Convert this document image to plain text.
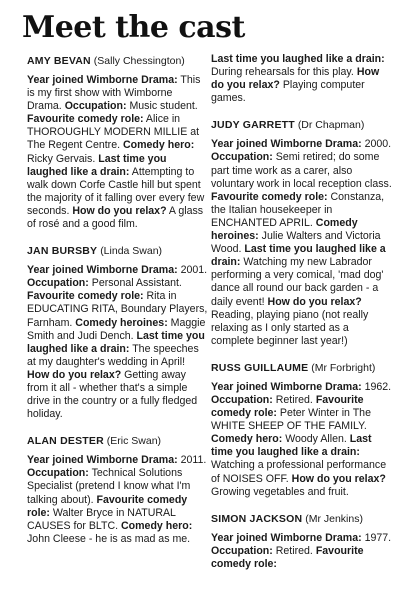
Meet the cast
AMY BEVAN (Sally Chessington)

Year joined Wimborne Drama: This is my first show with Wimborne Drama. Occupation: Music student. Favourite comedy role: Alice in THOROUGHLY MODERN MILLIE at The Regent Centre. Comedy hero: Ricky Gervais. Last time you laughed like a drain: Attempting to walk down Corfe Castle hill but spent the majority of it falling over every few seconds. How do you relax? A glass of rosé and a good film.

JAN BURSBY (Linda Swan)

Year joined Wimborne Drama: 2001. Occupation: Personal Assistant. Favourite comedy role: Rita in EDUCATING RITA, Boundary Players, Farnham. Comedy heroines: Maggie Smith and Judi Dench. Last time you laughed like a drain: The speeches at my daughter's wedding in April! How do you relax? Getting away from it all - whether that's a simple drive in the country or a fully fledged holiday.

ALAN DESTER (Eric Swan)

Year joined Wimborne Drama: 2011. Occupation: Technical Solutions Specialist (pretend I know what I'm talking about). Favourite comedy role: Walter Bryce in NATURAL CAUSES for BLTC. Comedy hero: John Cleese - he is as mad as me.

Last time you laughed like a drain: During rehearsals for this play. How do you relax? Playing computer games.

JUDY GARRETT (Dr Chapman)

Year joined Wimborne Drama: 2000. Occupation: Semi retired; do some part time work as a carer, also voluntary work in local reception class. Favourite comedy role: Constanza, the Italian housekeeper in ENCHANTED APRIL. Comedy heroines: Julie Walters and Victoria Wood. Last time you laughed like a drain: Watching my new Labrador performing a very comical, 'mad dog' dance all round our back garden - a daily event! How do you relax? Reading, playing piano (not really relaxing as I only started as a complete beginner last year!)

RUSS GUILLAUME (Mr Forbright)

Year joined Wimborne Drama: 1962. Occupation: Retired. Favourite comedy role: Peter Winter in The WHITE SHEEP OF THE FAMILY. Comedy hero: Woody Allen. Last time you laughed like a drain: Watching a professional performance of NOISES OFF. How do you relax? Growing vegetables and fruit.

SIMON JACKSON (Mr Jenkins)

Year joined Wimborne Drama: 1977. Occupation: Retired. Favourite comedy role:
